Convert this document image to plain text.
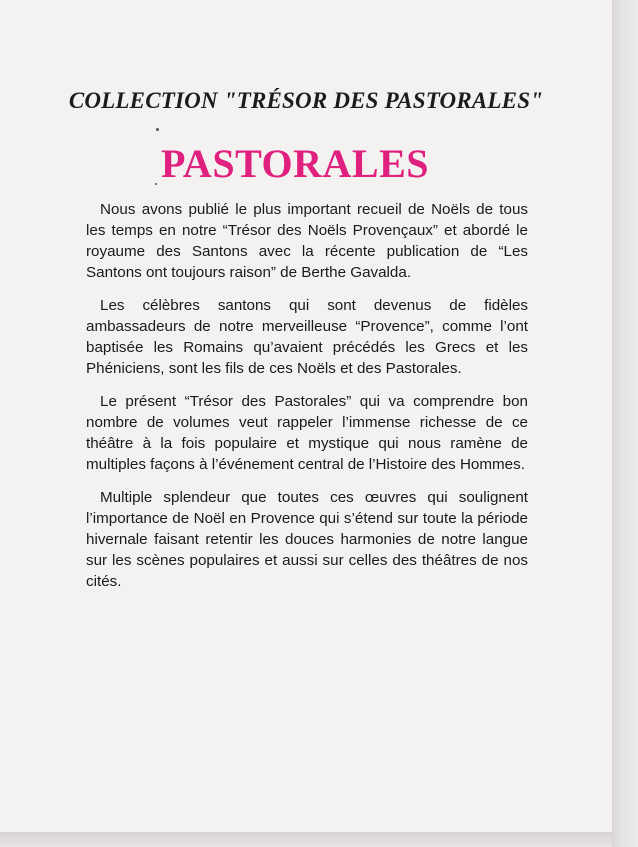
COLLECTION "TRÉSOR DES PASTORALES"
PASTORALES

Nous avons publié le plus important recueil de Noëls de tous les temps en notre “Trésor des Noëls Provençaux” et abordé le royaume des Santons avec la récente publication de “Les Santons ont toujours raison” de Berthe Gavalda.

Les célèbres santons qui sont devenus de fidèles ambassadeurs de notre merveilleuse “Provence”, comme l’ont baptisée les Romains qu’avaient précédés les Grecs et les Phéniciens, sont les fils de ces Noëls et des Pastorales.

Le présent “Trésor des Pastorales” qui va comprendre bon nombre de volumes veut rappeler l’immense richesse de ce théâtre à la fois populaire et mystique qui nous ramène de multiples façons à l’événement central de l’Histoire des Hommes.

Multiple splendeur que toutes ces œuvres qui soulignent l’importance de Noël en Provence qui s’étend sur toute la période hivernale faisant retentir les douces harmonies de notre langue sur les scènes populaires et aussi sur celles des théâtres de nos cités.
